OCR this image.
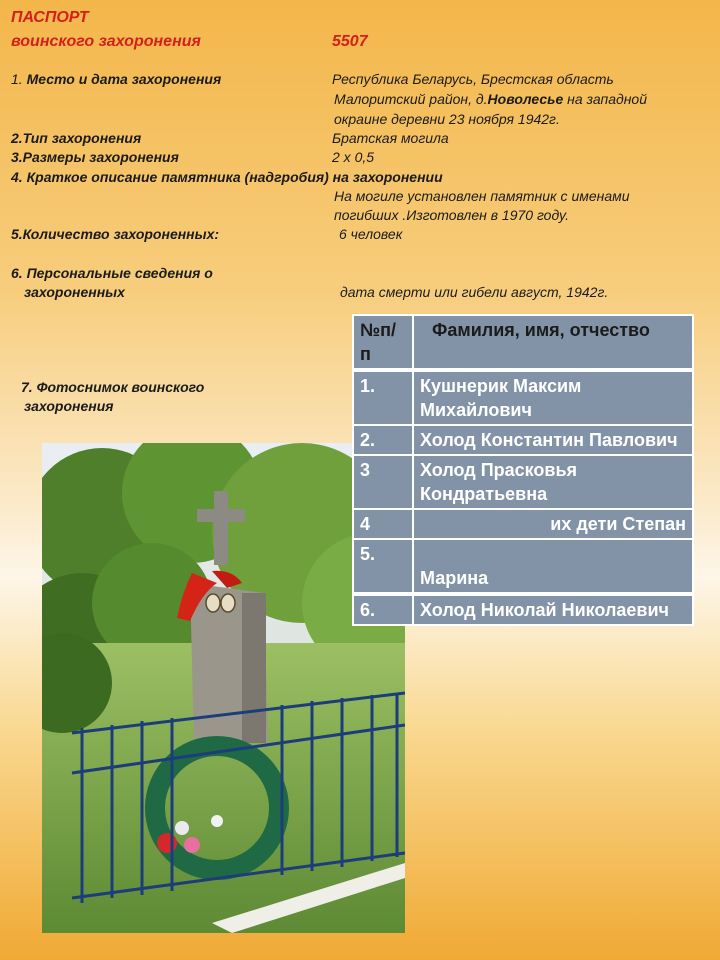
ПАСПОРТ
воинского захоронения	5507
1. Место и дата захоронения	Республика Беларусь, Брестская область
Малоритский район, д.Новолесье на западной
окраине деревни 23 ноября 1942г.
2.Тип захоронения	Братская могила
3.Размеры захоронения	2 х 0,5
4. Краткое описание памятника (надгробия) на захоронении
На могиле установлен памятник с именами
погибших .Изготовлен в 1970 году.
5.Количество захороненных:	6 человек
6. Персональные сведения о
захороненных	дата смерти или гибели август, 1942г.
7. Фотоснимок воинского
захоронения
№п/п	Фамилия, имя, отчество
1.	Кушнерик Максим Михайлович
2.	Холод Константин Павлович
3	Холод Прасковья Кондратьевна
4	их дети Степан
5.	Марина
6.	Холод Николай Николаевич
